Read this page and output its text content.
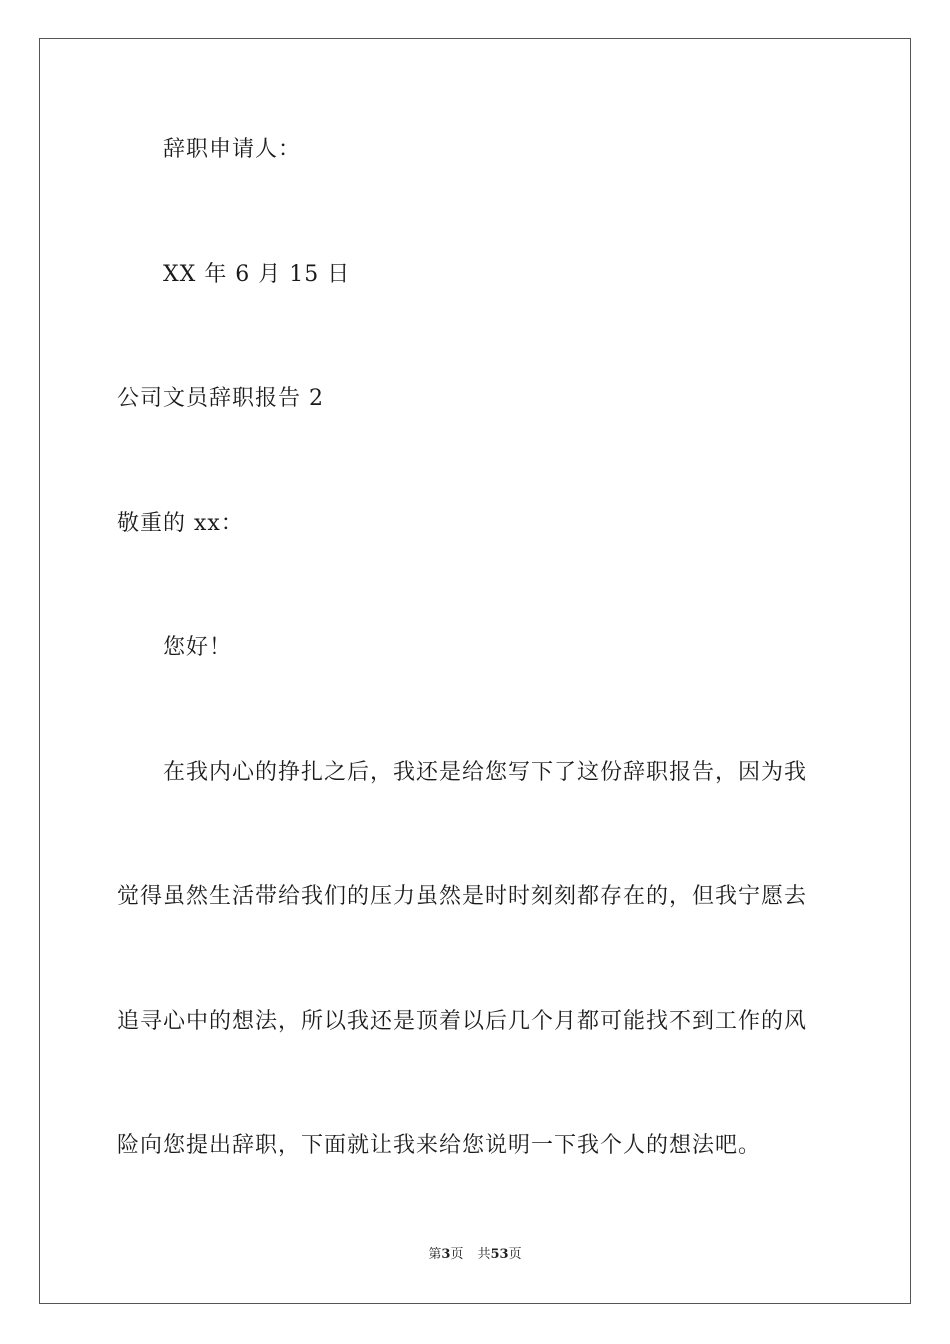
辞职申请人：
XX 年 6 月 15 日
公司文员辞职报告 2
敬重的 xx：
您好！
在我内心的挣扎之后，我还是给您写下了这份辞职报告，因为我
觉得虽然生活带给我们的压力虽然是时时刻刻都存在的，但我宁愿去
追寻心中的想法，所以我还是顶着以后几个月都可能找不到工作的风
险向您提出辞职，下面就让我来给您说明一下我个人的想法吧。
第3页 共53页
